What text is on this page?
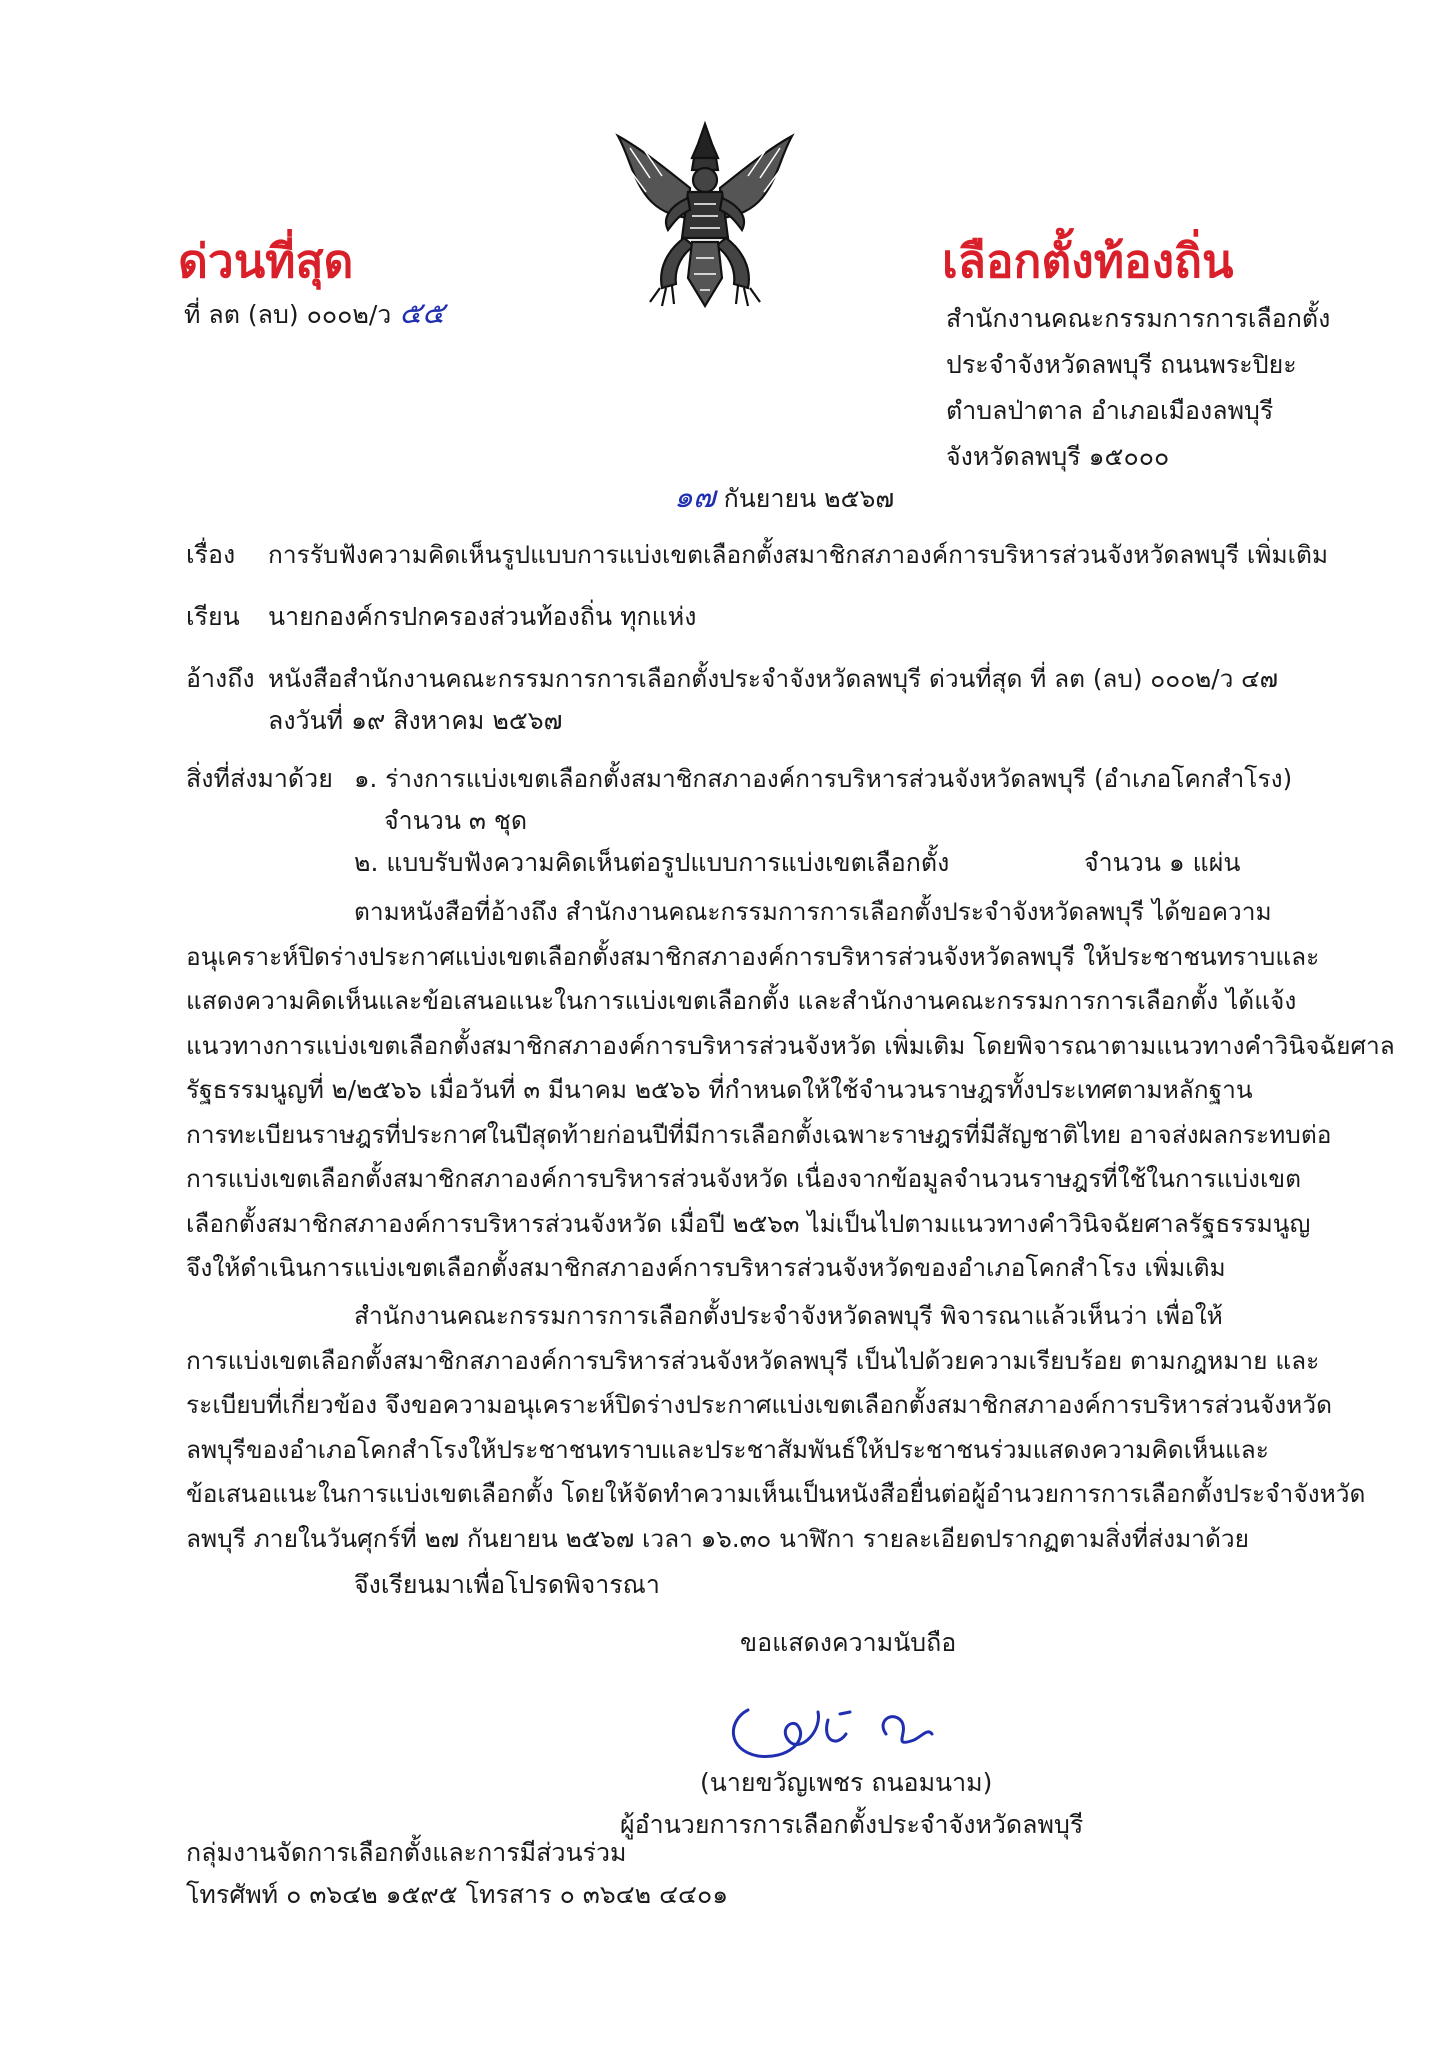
ด่วนที่สุด
ที่ ลต (ลบ) ๐๐๐๒/ว ๕๕
เลือกตั้งท้องถิ่น
สำนักงานคณะกรรมการการเลือกตั้ง
ประจำจังหวัดลพบุรี ถนนพระปิยะ
ตำบลป่าตาล อำเภอเมืองลพบุรี
จังหวัดลพบุรี ๑๕๐๐๐
๑๗ กันยายน ๒๕๖๗
เรื่อง การรับฟังความคิดเห็นรูปแบบการแบ่งเขตเลือกตั้งสมาชิกสภาองค์การบริหารส่วนจังหวัดลพบุรี เพิ่มเติม
เรียน นายกองค์กรปกครองส่วนท้องถิ่น ทุกแห่ง
อ้างถึง หนังสือสำนักงานคณะกรรมการการเลือกตั้งประจำจังหวัดลพบุรี ด่วนที่สุด ที่ ลต (ลบ) ๐๐๐๒/ว ๔๗
ลงวันที่ ๑๙ สิงหาคม ๒๕๖๗
สิ่งที่ส่งมาด้วย ๑. ร่างการแบ่งเขตเลือกตั้งสมาชิกสภาองค์การบริหารส่วนจังหวัดลพบุรี (อำเภอโคกสำโรง)
จำนวน ๓ ชุด
๒. แบบรับฟังความคิดเห็นต่อรูปแบบการแบ่งเขตเลือกตั้ง	จำนวน ๑ แผ่น
ตามหนังสือที่อ้างถึง สำนักงานคณะกรรมการการเลือกตั้งประจำจังหวัดลพบุรี ได้ขอความ
อนุเคราะห์ปิดร่างประกาศแบ่งเขตเลือกตั้งสมาชิกสภาองค์การบริหารส่วนจังหวัดลพบุรี ให้ประชาชนทราบและ
แสดงความคิดเห็นและข้อเสนอแนะในการแบ่งเขตเลือกตั้ง และสำนักงานคณะกรรมการการเลือกตั้ง ได้แจ้ง
แนวทางการแบ่งเขตเลือกตั้งสมาชิกสภาองค์การบริหารส่วนจังหวัด เพิ่มเติม โดยพิจารณาตามแนวทางคำวินิจฉัยศาล
รัฐธรรมนูญที่ ๒/๒๕๖๖ เมื่อวันที่ ๓ มีนาคม ๒๕๖๖ ที่กำหนดให้ใช้จำนวนราษฎรทั้งประเทศตามหลักฐาน
การทะเบียนราษฎรที่ประกาศในปีสุดท้ายก่อนปีที่มีการเลือกตั้งเฉพาะราษฎรที่มีสัญชาติไทย อาจส่งผลกระทบต่อ
การแบ่งเขตเลือกตั้งสมาชิกสภาองค์การบริหารส่วนจังหวัด เนื่องจากข้อมูลจำนวนราษฎรที่ใช้ในการแบ่งเขต
เลือกตั้งสมาชิกสภาองค์การบริหารส่วนจังหวัด เมื่อปี ๒๕๖๓ ไม่เป็นไปตามแนวทางคำวินิจฉัยศาลรัฐธรรมนูญ
จึงให้ดำเนินการแบ่งเขตเลือกตั้งสมาชิกสภาองค์การบริหารส่วนจังหวัดของอำเภอโคกสำโรง เพิ่มเติม
สำนักงานคณะกรรมการการเลือกตั้งประจำจังหวัดลพบุรี พิจารณาแล้วเห็นว่า เพื่อให้
การแบ่งเขตเลือกตั้งสมาชิกสภาองค์การบริหารส่วนจังหวัดลพบุรี เป็นไปด้วยความเรียบร้อย ตามกฎหมาย และ
ระเบียบที่เกี่ยวข้อง จึงขอความอนุเคราะห์ปิดร่างประกาศแบ่งเขตเลือกตั้งสมาชิกสภาองค์การบริหารส่วนจังหวัด
ลพบุรีของอำเภอโคกสำโรงให้ประชาชนทราบและประชาสัมพันธ์ให้ประชาชนร่วมแสดงความคิดเห็นและ
ข้อเสนอแนะในการแบ่งเขตเลือกตั้ง โดยให้จัดทำความเห็นเป็นหนังสือยื่นต่อผู้อำนวยการการเลือกตั้งประจำจังหวัด
ลพบุรี ภายในวันศุกร์ที่ ๒๗ กันยายน ๒๕๖๗ เวลา ๑๖.๓๐ นาฬิกา รายละเอียดปรากฏตามสิ่งที่ส่งมาด้วย
จึงเรียนมาเพื่อโปรดพิจารณา
ขอแสดงความนับถือ
(นายขวัญเพชร ถนอมนาม)
ผู้อำนวยการการเลือกตั้งประจำจังหวัดลพบุรี
กลุ่มงานจัดการเลือกตั้งและการมีส่วนร่วม
โทรศัพท์ ๐ ๓๖๔๒ ๑๕๙๕ โทรสาร ๐ ๓๖๔๒ ๔๔๐๑
